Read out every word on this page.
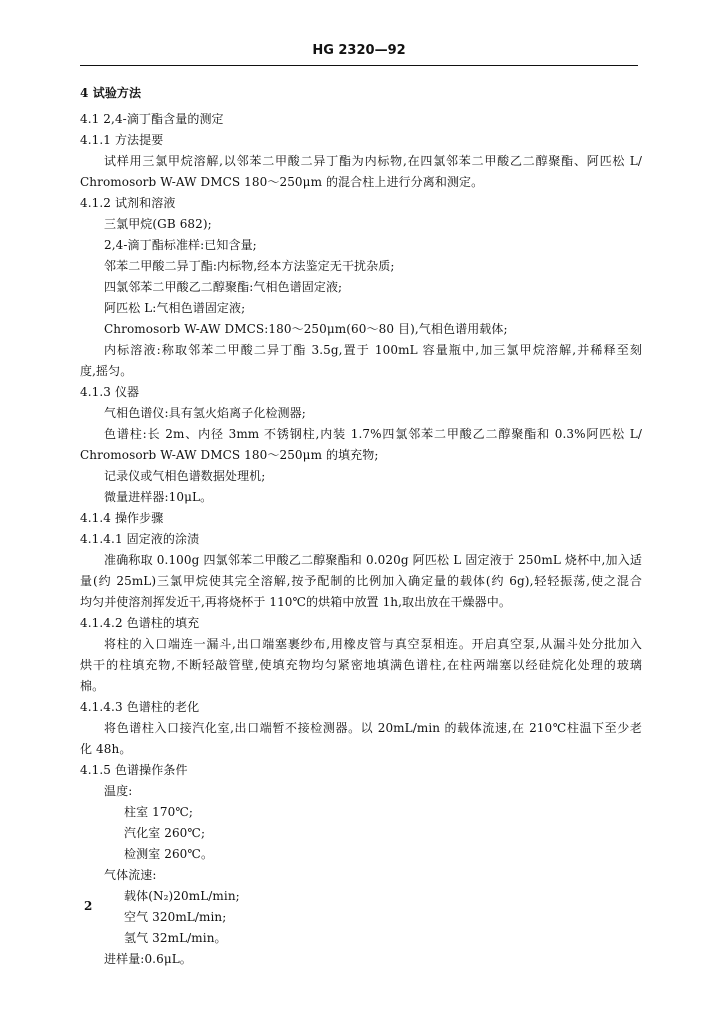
HG 2320—92
4 试验方法
4.1 2,4-滴丁酯含量的测定
4.1.1 方法提要
试样用三氯甲烷溶解,以邻苯二甲酸二异丁酯为内标物,在四氯邻苯二甲酸乙二醇聚酯、阿匹松 L/
Chromosorb W-AW DMCS 180～250μm 的混合柱上进行分离和测定。
4.1.2 试剂和溶液
三氯甲烷(GB 682);
2,4-滴丁酯标准样:已知含量;
邻苯二甲酸二异丁酯:内标物,经本方法鉴定无干扰杂质;
四氯邻苯二甲酸乙二醇聚酯:气相色谱固定液;
阿匹松 L:气相色谱固定液;
Chromosorb W-AW DMCS:180～250μm(60～80 目),气相色谱用载体;
内标溶液:称取邻苯二甲酸二异丁酯 3.5g,置于 100mL 容量瓶中,加三氯甲烷溶解,并稀释至刻
度,摇匀。
4.1.3 仪器
气相色谱仪:具有氢火焰离子化检测器;
色谱柱:长 2m、内径 3mm 不锈钢柱,内装 1.7%四氯邻苯二甲酸乙二醇聚酯和 0.3%阿匹松 L/
Chromosorb W-AW DMCS 180～250μm 的填充物;
记录仪或气相色谱数据处理机;
微量进样器:10μL。
4.1.4 操作步骤
4.1.4.1 固定液的涂渍
准确称取 0.100g 四氯邻苯二甲酸乙二醇聚酯和 0.020g 阿匹松 L 固定液于 250mL 烧杯中,加入适
量(约 25mL)三氯甲烷使其完全溶解,按予配制的比例加入确定量的载体(约 6g),轻轻振荡,使之混合
均匀并使溶剂挥发近干,再将烧杯于 110℃的烘箱中放置 1h,取出放在干燥器中。
4.1.4.2 色谱柱的填充
将柱的入口端连一漏斗,出口端塞裹纱布,用橡皮管与真空泵相连。开启真空泵,从漏斗处分批加入
烘干的柱填充物,不断轻敲管壁,使填充物均匀紧密地填满色谱柱,在柱两端塞以经硅烷化处理的玻璃
棉。
4.1.4.3 色谱柱的老化
将色谱柱入口接汽化室,出口端暂不接检测器。以 20mL/min 的载体流速,在 210℃柱温下至少老
化 48h。
4.1.5 色谱操作条件
温度:
柱室 170℃;
汽化室 260℃;
检测室 260℃。
气体流速:
载体(N₂)20mL/min;
空气 320mL/min;
氢气 32mL/min。
进样量:0.6μL。
2
